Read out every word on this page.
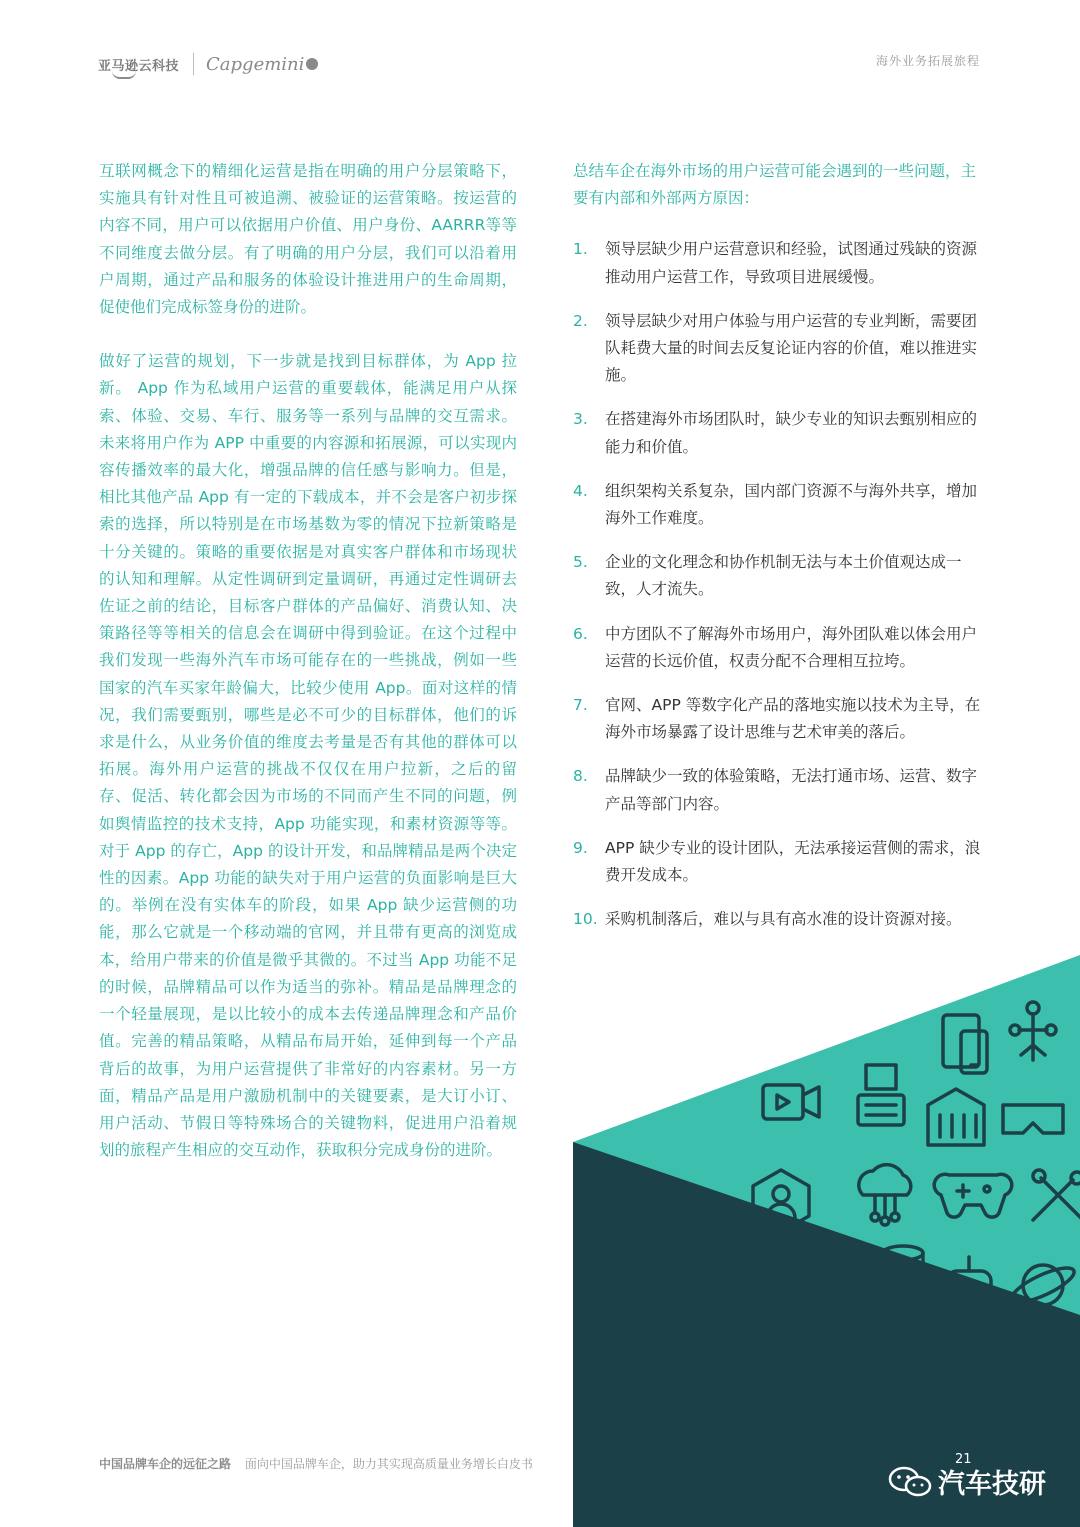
亚马逊云科技 Capgemini	海外业务拓展旅程

互联网概念下的精细化运营是指在明确的用户分层策略下，实施具有针对性且可被追溯、被验证的运营策略。按运营的内容不同，用户可以依据用户价值、用户身份、AARRR等等不同维度去做分层。有了明确的用户分层，我们可以沿着用户周期，通过产品和服务的体验设计推进用户的生命周期，促使他们完成标签身份的进阶。

做好了运营的规划，下一步就是找到目标群体，为 App 拉新。 App 作为私域用户运营的重要载体，能满足用户从探索、体验、交易、车行、服务等一系列与品牌的交互需求。未来将用户作为 APP 中重要的内容源和拓展源，可以实现内容传播效率的最大化，增强品牌的信任感与影响力。但是，相比其他产品 App 有一定的下载成本，并不会是客户初步探索的选择，所以特别是在市场基数为零的情况下拉新策略是十分关键的。策略的重要依据是对真实客户群体和市场现状的认知和理解。从定性调研到定量调研，再通过定性调研去佐证之前的结论，目标客户群体的产品偏好、消费认知、决策路径等等相关的信息会在调研中得到验证。在这个过程中我们发现一些海外汽车市场可能存在的一些挑战，例如一些国家的汽车买家年龄偏大，比较少使用 App。面对这样的情况，我们需要甄别，哪些是必不可少的目标群体，他们的诉求是什么，从业务价值的维度去考量是否有其他的群体可以拓展。海外用户运营的挑战不仅仅在用户拉新，之后的留存、促活、转化都会因为市场的不同而产生不同的问题，例如舆情监控的技术支持，App 功能实现，和素材资源等等。对于 App 的存亡，App 的设计开发，和品牌精品是两个决定性的因素。App 功能的缺失对于用户运营的负面影响是巨大的。举例在没有实体车的阶段，如果 App 缺少运营侧的功能，那么它就是一个移动端的官网，并且带有更高的浏览成本，给用户带来的价值是微乎其微的。不过当 App 功能不足的时候，品牌精品可以作为适当的弥补。精品是品牌理念的一个轻量展现，是以比较小的成本去传递品牌理念和产品价值。完善的精品策略，从精品布局开始，延伸到每一个产品背后的故事，为用户运营提供了非常好的内容素材。另一方面，精品产品是用户激励机制中的关键要素，是大订小订、用户活动、节假日等特殊场合的关键物料，促进用户沿着规划的旅程产生相应的交互动作，获取积分完成身份的进阶。

总结车企在海外市场的用户运营可能会遇到的一些问题，主要有内部和外部两方原因：

1.	领导层缺少用户运营意识和经验，试图通过残缺的资源推动用户运营工作，导致项目进展缓慢。
2.	领导层缺少对用户体验与用户运营的专业判断，需要团队耗费大量的时间去反复论证内容的价值，难以推进实施。
3.	在搭建海外市场团队时，缺少专业的知识去甄别相应的能力和价值。
4.	组织架构关系复杂，国内部门资源不与海外共享，增加海外工作难度。
5.	企业的文化理念和协作机制无法与本土价值观达成一致，人才流失。
6.	中方团队不了解海外市场用户，海外团队难以体会用户运营的长远价值，权责分配不合理相互拉垮。
7.	官网、APP 等数字化产品的落地实施以技术为主导，在海外市场暴露了设计思维与艺术审美的落后。
8.	品牌缺少一致的体验策略，无法打通市场、运营、数字产品等部门内容。
9.	APP 缺少专业的设计团队，无法承接运营侧的需求，浪费开发成本。
10. 采购机制落后，难以与具有高水准的设计资源对接。
中国品牌车企的远征之路 面向中国品牌车企，助力其实现高质量业务增长白皮书	21
汽车技研
